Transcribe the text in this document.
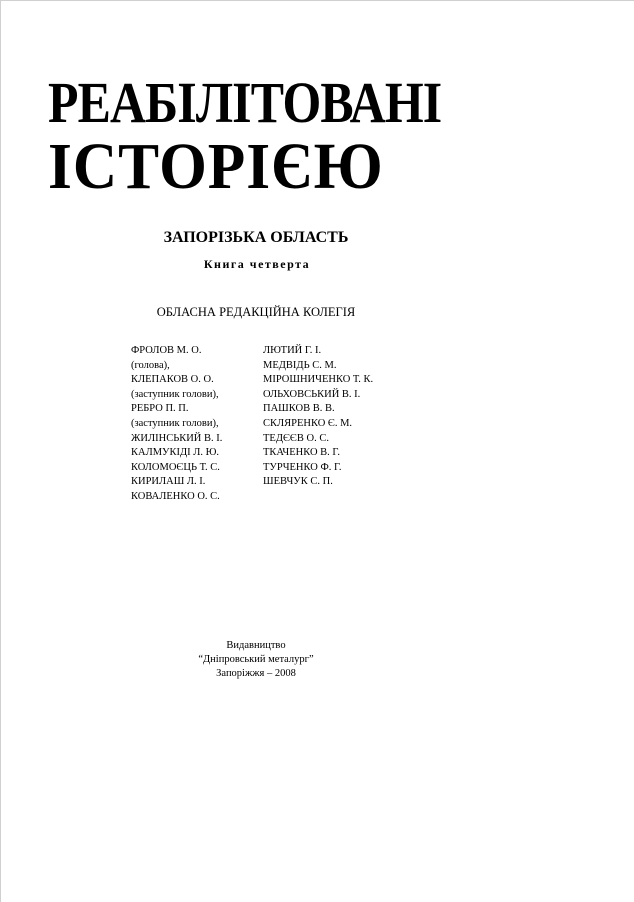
РЕАБІЛІТОВАНІ
ІСТОРІЄЮ

ЗАПОРІЗЬКА ОБЛАСТЬ

Книга четверта

ОБЛАСНА РЕДАКЦІЙНА КОЛЕГІЯ

ФРОЛОВ М. О.
(голова),
КЛЕПАКОВ О. О.
(заступник голови),
РЕБРО П. П.
(заступник голови),
ЖИЛІНСЬКИЙ В. І.
КАЛМУКІДІ Л. Ю.
КОЛОМОЄЦЬ Т. С.
КИРИЛАШ Л. І.
КОВАЛЕНКО О. С.
ЛЮТИЙ Г. І.
МЕДВІДЬ С. М.
МІРОШНИЧЕНКО Т. К.
ОЛЬХОВСЬКИЙ В. І.
ПАШКОВ В. В.
СКЛЯРЕНКО Є. М.
ТЕДЄЄВ О. С.
ТКАЧЕНКО В. Г.
ТУРЧЕНКО Ф. Г.
ШЕВЧУК С. П.
Видавництво
“Дніпровський металург”
Запоріжжя – 2008
